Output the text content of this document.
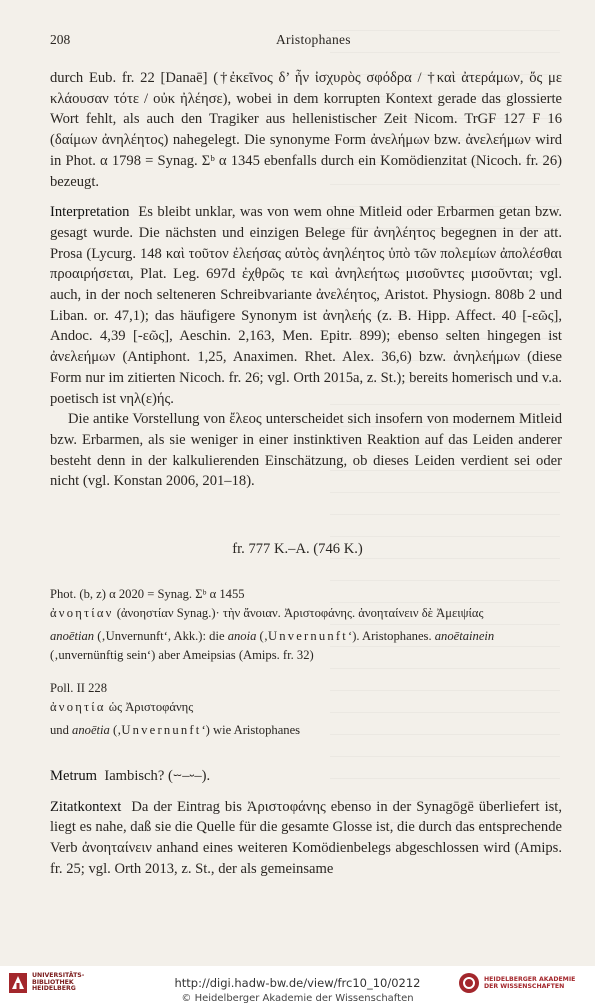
208	Aristophanes

durch Eub. fr. 22 [Danaē] (†ἐκεῖνος δ’ ἦν ἰσχυρὸς σφόδρα / †καὶ ἀτεράμων, ὅς με κλάουσαν τότε / οὐκ ἠλέησε), wobei in dem korrupten Kontext gerade das glossierte Wort fehlt, als auch den Tragiker aus hellenistischer Zeit Nicom. TrGF 127 F 16 (δαίμων ἀνηλέητος) nahegelegt. Die synonyme Form ἀνελήμων bzw. ἀνελεήμων wird in Phot. α 1798 = Synag. Σᵇ α 1345 ebenfalls durch ein Komödienzitat (Nicoch. fr. 26) bezeugt.

Interpretation Es bleibt unklar, was von wem ohne Mitleid oder Erbarmen getan bzw. gesagt wurde. Die nächsten und einzigen Belege für ἀνηλέητος begegnen in der att. Prosa (Lycurg. 148 καὶ τοῦτον ἐλεήσας αὐτὸς ἀνηλέητος ὑπὸ τῶν πολεμίων ἀπολέσθαι προαιρήσεται, Plat. Leg. 697d ἐχθρῶς τε καὶ ἀνηλεήτως μισοῦντες μισοῦνται; vgl. auch, in der noch selteneren Schreibvariante ἀνελέητος, Aristot. Physiogn. 808b 2 und Liban. or. 47,1); das häufigere Synonym ist ἀνηλεής (z. B. Hipp. Affect. 40 [-εῶς], Andoc. 4,39 [-εῶς], Aeschin. 2,163, Men. Epitr. 899); ebenso selten hingegen ist ἀνελεήμων (Antiphont. 1,25, Anaximen. Rhet. Alex. 36,6) bzw. ἀνηλεήμων (diese Form nur im zitierten Nicoch. fr. 26; vgl. Orth 2015a, z. St.); bereits homerisch und v.a. poetisch ist νηλ(ε)ής.

Die antike Vorstellung von ἔλεος unterscheidet sich insofern von modernem Mitleid bzw. Erbarmen, als sie weniger in einer instinktiven Reaktion auf das Leiden anderer besteht denn in der kalkulierenden Einschätzung, ob dieses Leiden verdient sei oder nicht (vgl. Konstan 2006, 201–18).

fr. 777 K.–A. (746 K.)

Phot. (b, z) α 2020 = Synag. Σᵇ α 1455

ἀνοητίαν (ἀνοηστίαν Synag.)· τὴν ἄνοιαν. Ἀριστοφάνης. ἀνοηταίνειν δὲ Ἀμειψίας

anoētian (‚Unvernunft‘, Akk.): die anoia (‚Unvernunft‘). Aristophanes. anoētainein (‚unvernünftig sein‘) aber Ameipsias (Amips. fr. 32)

Poll. II 228

ἀνοητία ὡς Ἀριστοφάνης

und anoētia (‚Unvernunft‘) wie Aristophanes

Metrum Iambisch? (⏖–⏑–).

Zitatkontext Da der Eintrag bis Ἀριστοφάνης ebenso in der Synagōgē überliefert ist, liegt es nahe, daß sie die Quelle für die gesamte Glosse ist, die durch das entsprechende Verb ἀνοηταίνειν anhand eines weiteren Komödienbelegs abgeschlossen wird (Amips. fr. 25; vgl. Orth 2013, z. St., der als gemeinsame

UNIVERSITÄTS-
BIBLIOTHEK
HEIDELBERG	http://digi.hadw-bw.de/view/frc10_10/0212
© Heidelberger Akademie der Wissenschaften
HEIDELBERGER AKADEMIE
DER WISSENSCHAFTEN
